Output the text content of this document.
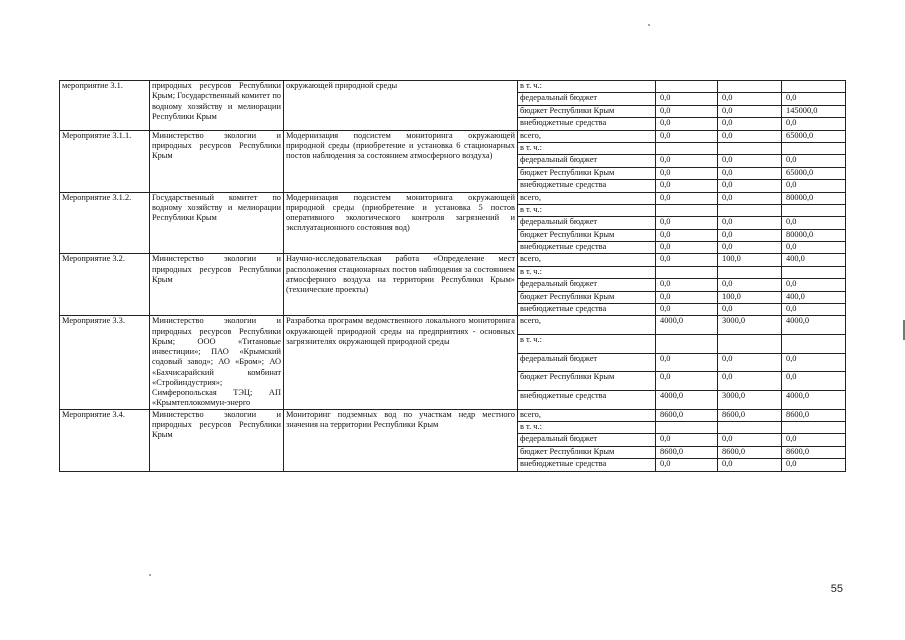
мероприятие 3.1.	природных ресурсов Республики Крым; Государственный комитет по водному хозяйству и мелиорации Республики Крым	окружающей природной среды	в т. ч.:			
			федеральный бюджет	0,0	0,0	0,0
			бюджет Республики Крым	0,0	0,0	145000,0
			внебюджетные средства	0,0	0,0	0,0
Мероприятие 3.1.1.	Министерство экологии и природных ресурсов Республики Крым	Модернизация подсистем мониторинга окружающей природной среды (приобретение и установка 6 стационарных постов наблюдения за состоянием атмосферного воздуха)	всего,	0,0	0,0	65000,0
			в т. ч.:			
			федеральный бюджет	0,0	0,0	0,0
			бюджет Республики Крым	0,0	0,0	65000,0
			внебюджетные средства	0,0	0,0	0,0
Мероприятие 3.1.2.	Государственный комитет по водному хозяйству и мелиорации Республики Крым	Модернизация подсистем мониторинга окружающей природной среды (приобретение и установка 5 постов оперативного экологического контроля загрязнений и эксплуатационного состояния вод)	всего,	0,0	0,0	80000,0
			в т. ч.:			
			федеральный бюджет	0,0	0,0	0,0
			бюджет Республики Крым	0,0	0,0	80000,0
			внебюджетные средства	0,0	0,0	0,0
Мероприятие 3.2.	Министерство экологии и природных ресурсов Республики Крым	Научно-исследовательская работа «Определение мест расположения стационарных постов наблюдения за состоянием атмосферного воздуха на территории Республики Крым» (технические проекты)	всего,	0,0	100,0	400,0
			в т. ч.:			
			федеральный бюджет	0,0	0,0	0,0
			бюджет Республики Крым	0,0	100,0	400,0
			внебюджетные средства	0,0	0,0	0,0
Мероприятие 3.3.	Министерство экологии и природных ресурсов Республики Крым; ООО «Титановые инвестиции»; ПАО «Крымский содовый завод»; АО «Бром»; АО «Бахчисарайский комбинат «Стройиндустрия»; Симферопольская ТЭЦ; АП «Крымтеплокоммун-энерго	Разработка программ ведомственного локального мониторинга окружающей природной среды на предприятиях - основных загрязнителях окружающей природной среды	всего,	4000,0	3000,0	4000,0
			в т. ч.:			
			федеральный бюджет	0,0	0,0	0,0
			бюджет Республики Крым	0,0	0,0	0,0
			внебюджетные средства	4000,0	3000,0	4000,0
Мероприятие 3.4.	Министерство экологии и природных ресурсов Республики Крым	Мониторинг подземных вод по участкам недр местного значения на территории Республики Крым	всего,	8600,0	8600,0	8600,0
			в т. ч.:			
			федеральный бюджет	0,0	0,0	0,0
			бюджет Республики Крым	8600,0	8600,0	8600,0
			внебюджетные средства	0,0	0,0	0,0
55
